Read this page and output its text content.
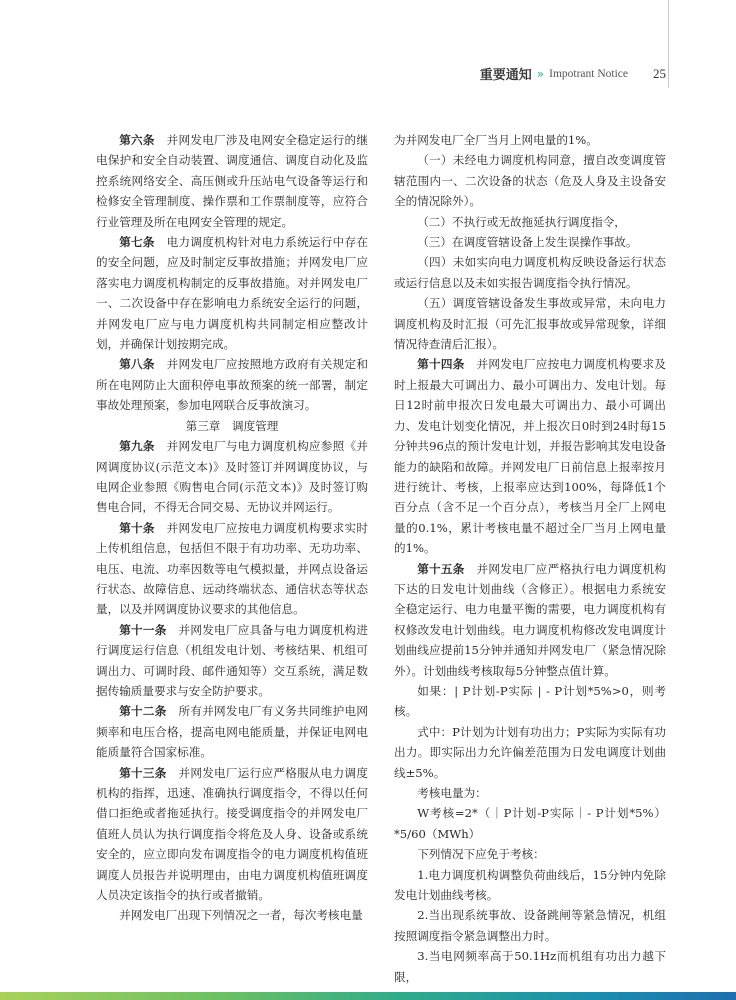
重要通知 » Impotrant Notice 25

第六条　 并网发电厂涉及电网安全稳定运行的继电保护和安全自动装置、调度通信、调度自动化及监控系统网络安全、高压侧或升压站电气设备等运行和检修安全管理制度、操作票和工作票制度等，应符合行业管理及所在电网安全管理的规定。

第七条　 电力调度机构针对电力系统运行中存在的安全问题，应及时制定反事故措施；并网发电厂应落实电力调度机构制定的反事故措施。对并网发电厂一、二次设备中存在影响电力系统安全运行的问题，并网发电厂应与电力调度机构共同制定相应整改计划，并确保计划按期完成。

第八条　 并网发电厂应按照地方政府有关规定和所在电网防止大面积停电事故预案的统一部署，制定事故处理预案，参加电网联合反事故演习。

第三章　调度管理

第九条　 并网发电厂与电力调度机构应参照《并网调度协议(示范文本)》及时签订并网调度协议，与电网企业参照《购售电合同(示范文本)》及时签订购售电合同，不得无合同交易、无协议并网运行。

第十条　 并网发电厂应按电力调度机构要求实时上传机组信息，包括但不限于有功功率、无功功率、电压、电流、功率因数等电气模拟量，并网点设备运行状态、故障信息、远动终端状态、通信状态等状态量，以及并网调度协议要求的其他信息。

第十一条　 并网发电厂应具备与电力调度机构进行调度运行信息（机组发电计划、考核结果、机组可调出力、可调时段、邮件通知等）交互系统，满足数据传输质量要求与安全防护要求。

第十二条　 所有并网发电厂有义务共同维护电网频率和电压合格，提高电网电能质量，并保证电网电能质量符合国家标准。

第十三条　 并网发电厂运行应严格服从电力调度机构的指挥，迅速、准确执行调度指令，不得以任何借口拒绝或者拖延执行。接受调度指令的并网发电厂值班人员认为执行调度指令将危及人身、设备或系统安全的，应立即向发布调度指令的电力调度机构值班调度人员报告并说明理由，由电力调度机构值班调度人员决定该指令的执行或者撤销。

并网发电厂出现下列情况之一者，每次考核电量

为并网发电厂全厂当月上网电量的1%。

（一）未经电力调度机构同意，擅自改变调度管辖范围内一、二次设备的状态（危及人身及主设备安全的情况除外）。

（二）不执行或无故拖延执行调度指令，

（三）在调度管辖设备上发生误操作事故。

（四）未如实向电力调度机构反映设备运行状态或运行信息以及未如实报告调度指令执行情况。

（五）调度管辖设备发生事故或异常，未向电力调度机构及时汇报（可先汇报事故或异常现象，详细情况待查清后汇报）。

第十四条　 并网发电厂应按电力调度机构要求及时上报最大可调出力、最小可调出力、发电计划。每日12时前申报次日发电最大可调出力、最小可调出力、发电计划变化情况，并上报次日0时到24时每15分钟共96点的预计发电计划，并报告影响其发电设备能力的缺陷和故障。并网发电厂日前信息上报率按月进行统计、考核，上报率应达到100%，每降低1个百分点（含不足一个百分点），考核当月全厂上网电量的0.1%，累计考核电量不超过全厂当月上网电量的1%。

第十五条　 并网发电厂应严格执行电力调度机构下达的日发电计划曲线（含修正）。根据电力系统安全稳定运行、电力电量平衡的需要，电力调度机构有权修改发电计划曲线。电力调度机构修改发电调度计划曲线应提前15分钟并通知并网发电厂（紧急情况除外）。计划曲线考核取每5分钟整点值计算。

如果：| P计划-P实际 | - P计划*5%>0，则考核。

式中：P计划为计划有功出力；P实际为实际有功出力。即实际出力允许偏差范围为日发电调度计划曲线±5%。

考核电量为：

W考核=2*（｜P计划-P实际｜- P计划*5%）*5/60（MWh）

下列情况下应免于考核：

1.电力调度机构调整负荷曲线后，15分钟内免除发电计划曲线考核。

2.当出现系统事故、设备跳闸等紧急情况，机组按照调度指令紧急调整出力时。

3.当电网频率高于50.1Hz而机组有功出力越下限，
